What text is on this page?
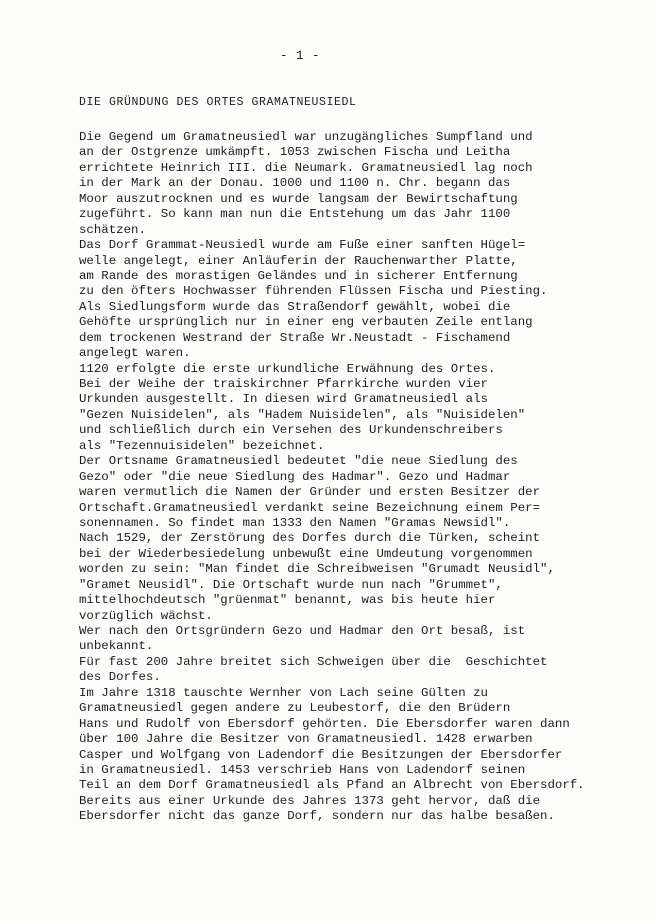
- 1 -
DIE GRÜNDUNG DES ORTES GRAMATNEUSIEDL
Die Gegend um Gramatneusiedl war unzugängliches Sumpfland und
an der Ostgrenze umkämpft. 1053 zwischen Fischa und Leitha
errichtete Heinrich III. die Neumark. Gramatneusiedl lag noch
in der Mark an der Donau. 1000 und 1100 n. Chr. begann das
Moor auszutrocknen und es wurde langsam der Bewirtschaftung
zugeführt. So kann man nun die Entstehung um das Jahr 1100
schätzen.
Das Dorf Grammat-Neusiedl wurde am Fuße einer sanften Hügel=
welle angelegt, einer Anläuferin der Rauchenwarther Platte,
am Rande des morastigen Geländes und in sicherer Entfernung
zu den öfters Hochwasser führenden Flüssen Fischa und Piesting.
Als Siedlungsform wurde das Straßendorf gewählt, wobei die
Gehöfte ursprünglich nur in einer eng verbauten Zeile entlang
dem trockenen Westrand der Straße Wr.Neustadt - Fischamend
angelegt waren.
1120 erfolgte die erste urkundliche Erwähnung des Ortes.
Bei der Weihe der traiskirchner Pfarrkirche wurden vier
Urkunden ausgestellt. In diesen wird Gramatneusiedl als
"Gezen Nuisidelen", als "Hadem Nuisidelen", als "Nuisidelen"
und schließlich durch ein Versehen des Urkundenschreibers
als "Tezennuisidelen" bezeichnet.
Der Ortsname Gramatneusiedl bedeutet "die neue Siedlung des
Gezo" oder "die neue Siedlung des Hadmar". Gezo und Hadmar
waren vermutlich die Namen der Gründer und ersten Besitzer der
Ortschaft.Gramatneusiedl verdankt seine Bezeichnung einem Per=
sonennamen. So findet man 1333 den Namen "Gramas Newsidl".
Nach 1529, der Zerstörung des Dorfes durch die Türken, scheint
bei der Wiederbesiedelung unbewußt eine Umdeutung vorgenommen
worden zu sein: "Man findet die Schreibweisen "Grumadt Neusidl",
"Gramet Neusidl". Die Ortschaft wurde nun nach "Grummet",
mittelhochdeutsch "grüenmat" benannt, was bis heute hier
vorzüglich wächst.
Wer nach den Ortsgründern Gezo und Hadmar den Ort besaß, ist
unbekannt.
Für fast 200 Jahre breitet sich Schweigen über die  Geschichtet
des Dorfes.
Im Jahre 1318 tauschte Wernher von Lach seine Gülten zu
Gramatneusiedl gegen andere zu Leubestorf, die den Brüdern
Hans und Rudolf von Ebersdorf gehörten. Die Ebersdorfer waren dann
über 100 Jahre die Besitzer von Gramatneusiedl. 1428 erwarben
Casper und Wolfgang von Ladendorf die Besitzungen der Ebersdorfer
in Gramatneusiedl. 1453 verschrieb Hans von Ladendorf seinen
Teil an dem Dorf Gramatneusiedl als Pfand an Albrecht von Ebersdorf.
Bereits aus einer Urkunde des Jahres 1373 geht hervor, daß die
Ebersdorfer nicht das ganze Dorf, sondern nur das halbe besaßen.
